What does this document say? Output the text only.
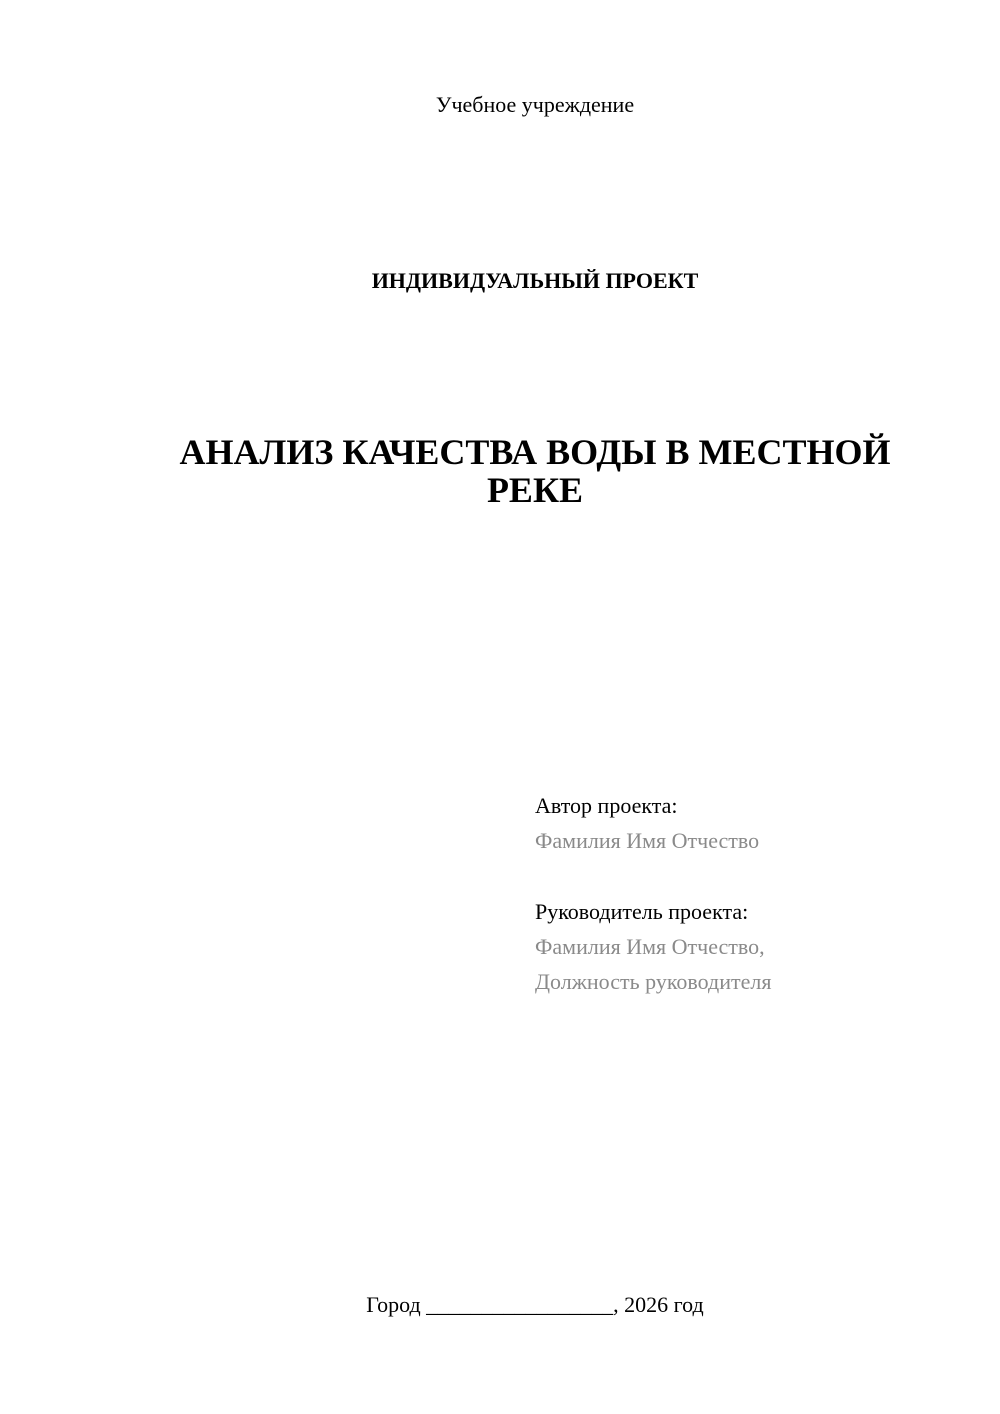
Учебное учреждение
ИНДИВИДУАЛЬНЫЙ ПРОЕКТ
АНАЛИЗ КАЧЕСТВА ВОДЫ В МЕСТНОЙ РЕКЕ
Автор проекта:
Фамилия Имя Отчество
Руководитель проекта:
Фамилия Имя Отчество,
Должность руководителя
Город _________________, 2026 год
